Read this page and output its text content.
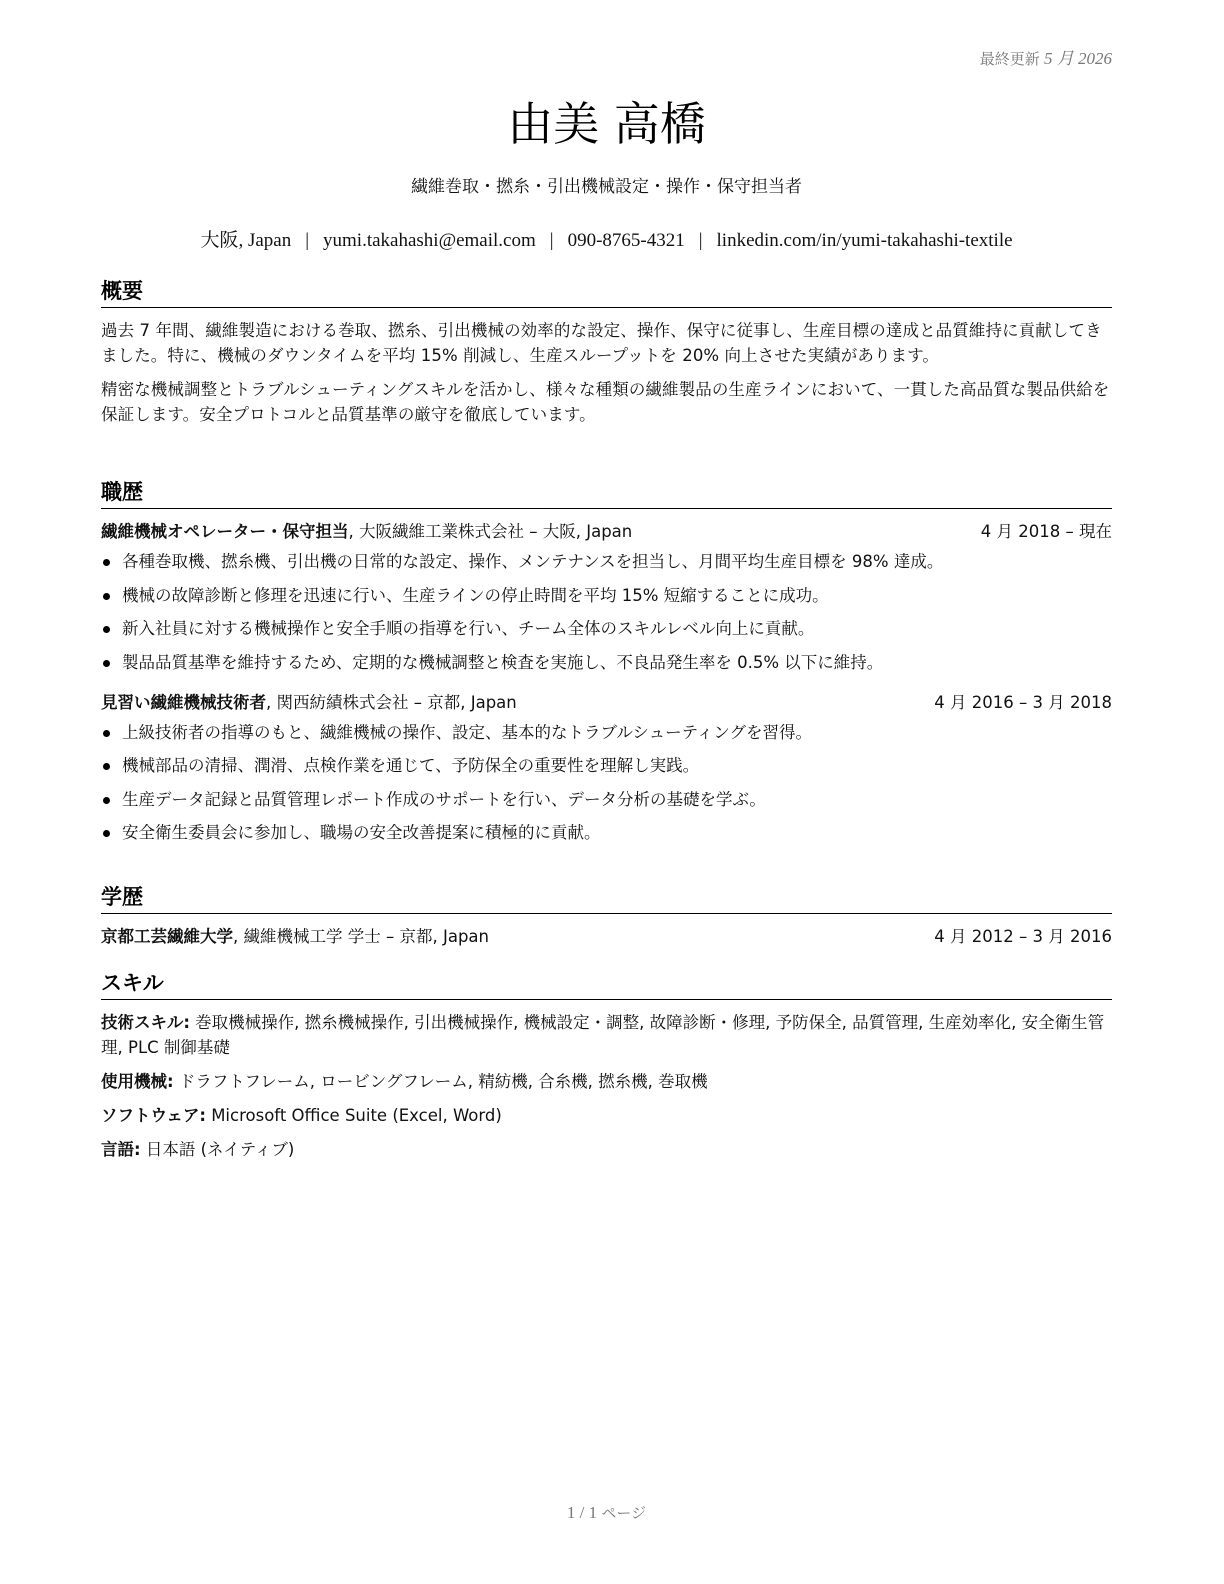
最終更新 5 月 2026
由美 高橋
繊維巻取・撚糸・引出機械設定・操作・保守担当者
大阪, Japan | yumi.takahashi@email.com | 090-8765-4321 | linkedin.com/in/yumi-takahashi-textile
概要

過去 7 年間、繊維製造における巻取、撚糸、引出機械の効率的な設定、操作、保守に従事し、生産目標の達成と品質維持に貢献してきました。特に、機械のダウンタイムを平均 15% 削減し、生産スループットを 20% 向上させた実績があります。

精密な機械調整とトラブルシューティングスキルを活かし、様々な種類の繊維製品の生産ラインにおいて、一貫した高品質な製品供給を保証します。安全プロトコルと品質基準の厳守を徹底しています。

職歴
繊維機械オペレーター・保守担当, 大阪繊維工業株式会社 – 大阪, Japan	4 月 2018 – 現在
各種巻取機、撚糸機、引出機の日常的な設定、操作、メンテナンスを担当し、月間平均生産目標を 98% 達成。
機械の故障診断と修理を迅速に行い、生産ラインの停止時間を平均 15% 短縮することに成功。
新入社員に対する機械操作と安全手順の指導を行い、チーム全体のスキルレベル向上に貢献。
製品品質基準を維持するため、定期的な機械調整と検査を実施し、不良品発生率を 0.5% 以下に維持。
見習い繊維機械技術者, 関西紡績株式会社 – 京都, Japan	4 月 2016 – 3 月 2018
上級技術者の指導のもと、繊維機械の操作、設定、基本的なトラブルシューティングを習得。
機械部品の清掃、潤滑、点検作業を通じて、予防保全の重要性を理解し実践。
生産データ記録と品質管理レポート作成のサポートを行い、データ分析の基礎を学ぶ。
安全衛生委員会に参加し、職場の安全改善提案に積極的に貢献。
学歴
京都工芸繊維大学, 繊維機械工学 学士 – 京都, Japan	4 月 2012 – 3 月 2016
スキル

技術スキル: 巻取機械操作, 撚糸機械操作, 引出機械操作, 機械設定・調整, 故障診断・修理, 予防保全, 品質管理, 生産効率化, 安全衛生管理, PLC 制御基礎

使用機械: ドラフトフレーム, ロービングフレーム, 精紡機, 合糸機, 撚糸機, 巻取機

ソフトウェア: Microsoft Office Suite (Excel, Word)

言語: 日本語 (ネイティブ)

1 / 1 ページ
